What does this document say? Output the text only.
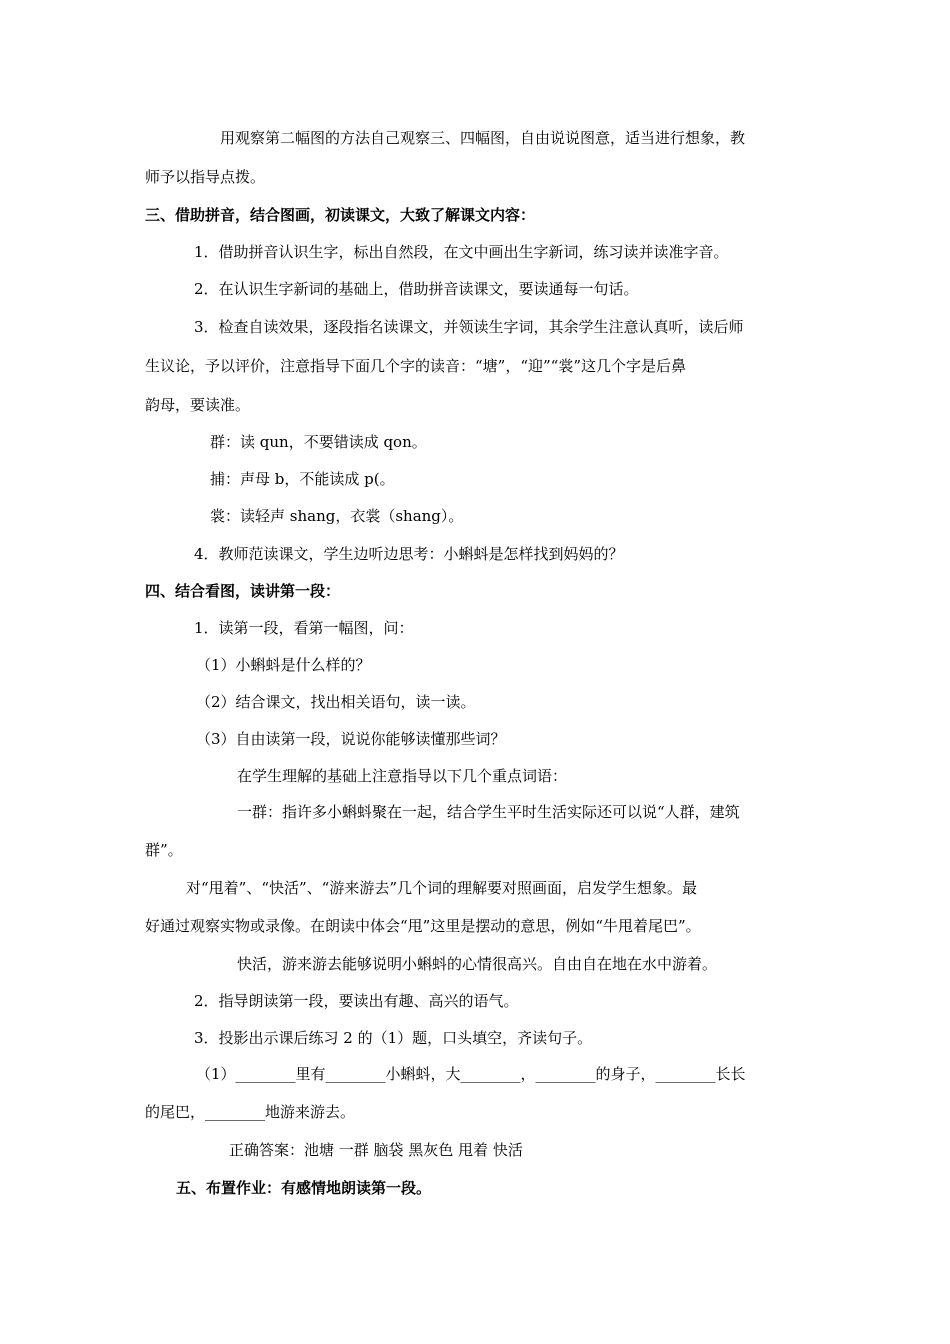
用观察第二幅图的方法自己观察三、四幅图，自由说说图意，适当进行想象，教
师予以指导点拨。
三、借助拼音，结合图画，初读课文，大致了解课文内容：
1．借助拼音认识生字，标出自然段，在文中画出生字新词，练习读并读准字音。
2．在认识生字新词的基础上，借助拼音读课文，要读通每一句话。
3．检查自读效果，逐段指名读课文，并领读生字词，其余学生注意认真听，读后师
生议论，予以评价，注意指导下面几个字的读音：“塘”，“迎”“裳”这几个字是后鼻
韵母，要读准。
群：读 qun，不要错读成 qon。
捕：声母 b，不能读成 p(。
裳：读轻声 shang，衣裳（shang）。
4．教师范读课文，学生边听边思考：小蝌蚪是怎样找到妈妈的？
四、结合看图，读讲第一段：
1．读第一段，看第一幅图，问：
（1）小蝌蚪是什么样的？
（2）结合课文，找出相关语句，读一读。
（3）自由读第一段，说说你能够读懂那些词？
在学生理解的基础上注意指导以下几个重点词语：
一群：指许多小蝌蚪聚在一起，结合学生平时生活实际还可以说“人群，建筑
群”。
对“甩着”、“快活”、“游来游去”几个词的理解要对照画面，启发学生想象。最
好通过观察实物或录像。在朗读中体会“甩”这里是摆动的意思，例如“牛甩着尾巴”。
快活，游来游去能够说明小蝌蚪的心情很高兴。自由自在地在水中游着。
2．指导朗读第一段，要读出有趣、高兴的语气。
3．投影出示课后练习 2 的（1）题，口头填空，齐读句子。
（1）________里有________小蝌蚪，大________，________的身子，________长长
的尾巴，________地游来游去。
正确答案：池塘 一群 脑袋 黑灰色 甩着 快活
五、布置作业：有感情地朗读第一段。
